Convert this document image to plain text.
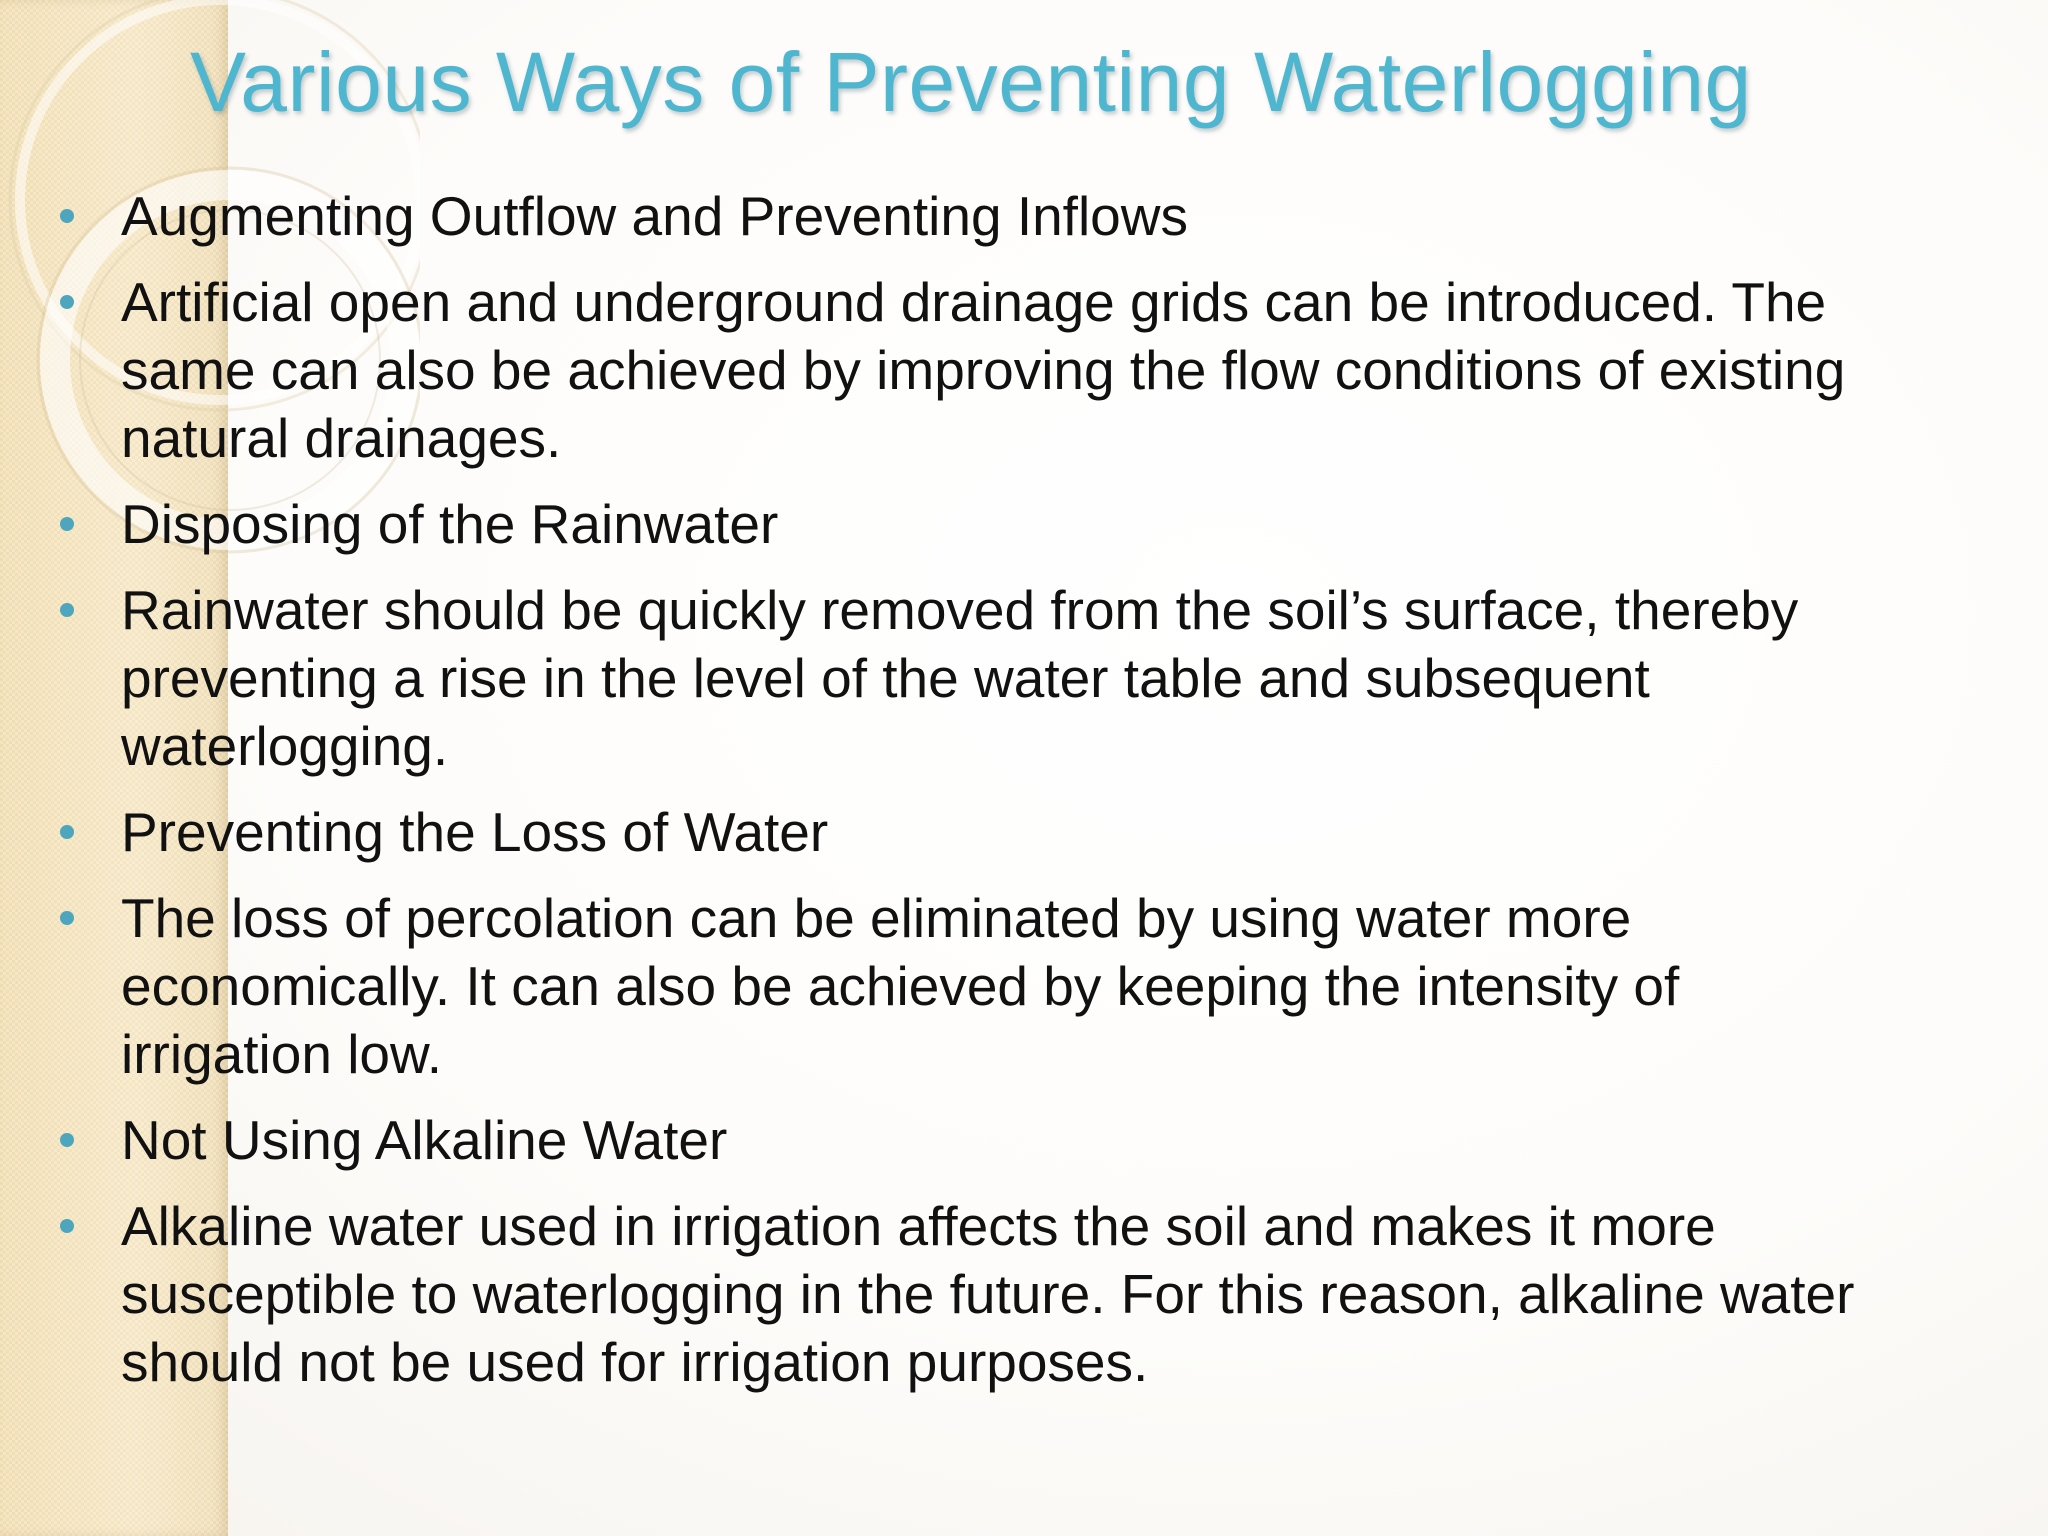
Various Ways of Preventing Waterlogging
Augmenting Outflow and Preventing Inflows
Artificial open and underground drainage grids can be introduced. The same can also be achieved by improving the flow conditions of existing natural drainages.
Disposing of the Rainwater
Rainwater should be quickly removed from the soil’s surface, thereby preventing a rise in the level of the water table and subsequent waterlogging.
Preventing the Loss of Water
The loss of percolation can be eliminated by using water more economically. It can also be achieved by keeping the intensity of irrigation low.
Not Using Alkaline Water
Alkaline water used in irrigation affects the soil and makes it more susceptible to waterlogging in the future. For this reason, alkaline water should not be used for irrigation purposes.
